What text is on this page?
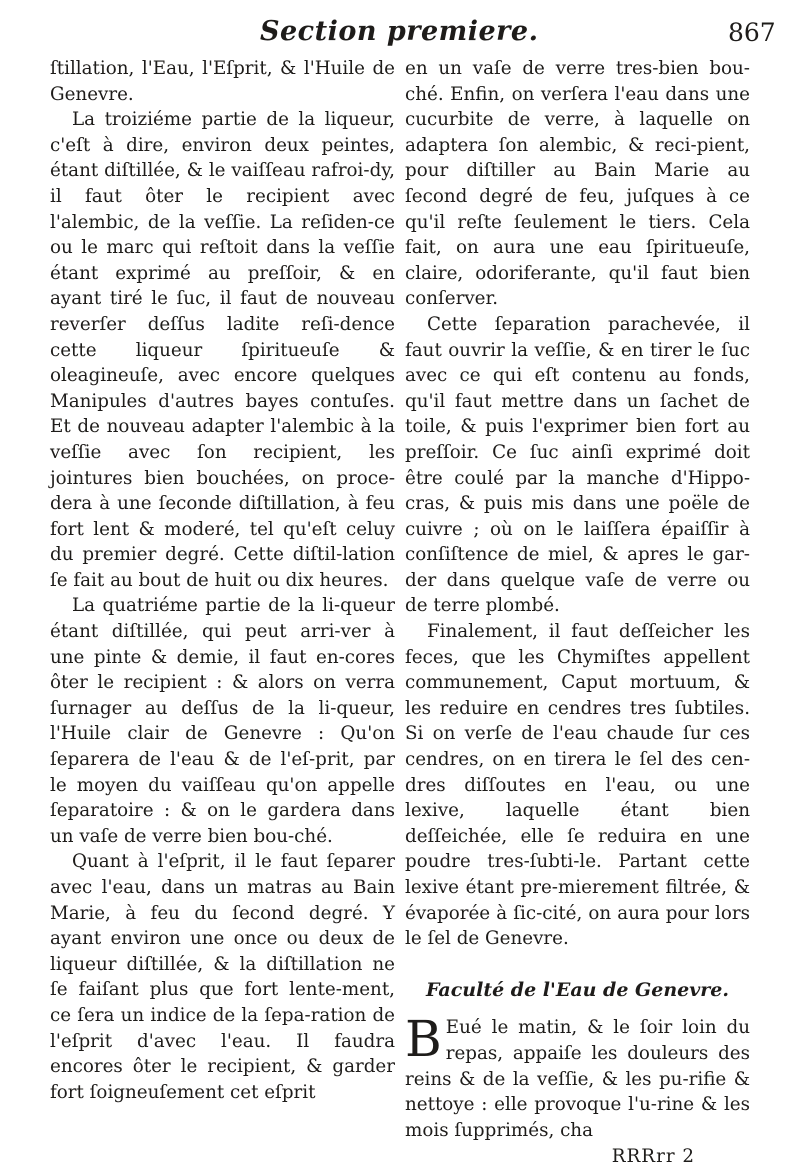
Section premiere.	867

ſtillation, l'Eau, l'Eſprit, & l'Huile de Genevre.

La troiziéme partie de la liqueur, c'eſt à dire, environ deux peintes, étant diſtillée, & le vaiſſeau rafroi-dy, il faut ôter le recipient avec l'alembic, de la veſſie. La reſiden-ce ou le marc qui reſtoit dans la veſſie étant exprimé au preſſoir, & en ayant tiré le ſuc, il faut de nouveau reverſer deſſus ladite reſi-dence cette liqueur ſpiritueuſe & oleagineuſe, avec encore quelques Manipules d'autres bayes contuſes. Et de nouveau adapter l'alembic à la veſſie avec ſon recipient, les jointures bien bouchées, on proce-dera à une ſeconde diſtillation, à feu fort lent & moderé, tel qu'eſt celuy du premier degré. Cette diſtil-lation ſe fait au bout de huit ou dix heures.

La quatriéme partie de la li-queur étant diſtillée, qui peut arri-ver à une pinte & demie, il faut en-cores ôter le recipient : & alors on verra ſurnager au deſſus de la li-queur, l'Huile clair de Genevre : Qu'on ſeparera de l'eau & de l'eſ-prit, par le moyen du vaiſſeau qu'on appelle ſeparatoire : & on le gardera dans un vaſe de verre bien bou-ché.

Quant à l'eſprit, il le faut ſeparer avec l'eau, dans un matras au Bain Marie, à feu du ſecond degré. Y ayant environ une once ou deux de liqueur diſtillée, & la diſtillation ne ſe faiſant plus que fort lente-ment, ce ſera un indice de la ſepa-ration de l'eſprit d'avec l'eau. Il faudra encores ôter le recipient, & garder fort ſoigneuſement cet eſprit

en un vaſe de verre tres-bien bou-ché. Enfin, on verſera l'eau dans une cucurbite de verre, à laquelle on adaptera ſon alembic, & reci-pient, pour diſtiller au Bain Marie au ſecond degré de feu, juſques à ce qu'il reſte ſeulement le tiers. Cela fait, on aura une eau ſpiritueuſe, claire, odoriferante, qu'il faut bien conſerver.

Cette ſeparation parachevée, il faut ouvrir la veſſie, & en tirer le ſuc avec ce qui eſt contenu au fonds, qu'il faut mettre dans un ſachet de toile, & puis l'exprimer bien fort au preſſoir. Ce ſuc ainſi exprimé doit être coulé par la manche d'Hippo-cras, & puis mis dans une poële de cuivre ; où on le laiſſera épaiſſir à conſiſtence de miel, & apres le gar-der dans quelque vaſe de verre ou de terre plombé.

Finalement, il faut deſſeicher les feces, que les Chymiſtes appellent communement, Caput mortuum, & les reduire en cendres tres ſubtiles. Si on verſe de l'eau chaude ſur ces cendres, on en tirera le ſel des cen-dres diſſoutes en l'eau, ou une lexive, laquelle étant bien deſſeichée, elle ſe reduira en une poudre tres-ſubti-le. Partant cette lexive étant pre-mierement filtrée, & évaporée à ſic-cité, on aura pour lors le ſel de Genevre.

Faculté de l'Eau de Genevre.

B Eué le matin, & le ſoir loin du repas, appaiſe les douleurs des reins & de la veſſie, & les pu-rifie & nettoye : elle provoque l'u-rine & les mois ſupprimés, cha

RRRrr 2
